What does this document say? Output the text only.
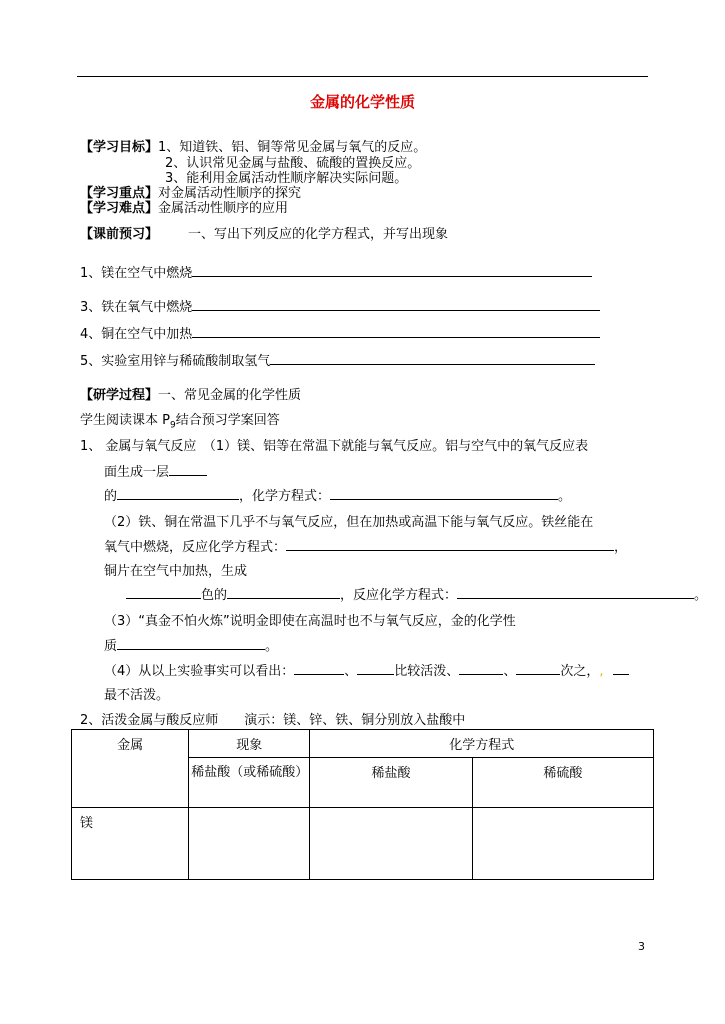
金属的化学性质
【学习目标】1、知道铁、铝、铜等常见金属与氧气的反应。
2、认识常见金属与盐酸、硫酸的置换反应。
3、能利用金属活动性顺序解决实际问题。
【学习重点】对金属活动性顺序的探究
【学习难点】金属活动性顺序的应用
【课前预习】 一、写出下列反应的化学方程式，并写出现象
1、镁在空气中燃烧
3、铁在氧气中燃烧
4、铜在空气中加热
5、实验室用锌与稀硫酸制取氢气
【研学过程】一、常见金属的化学性质
学生阅读课本 $P_9$结合预习学案回答
1、 金属与氧气反应　（1）镁、铝等在常温下就能与氧气反应。铝与空气中的氧气反应表
面生成一层
的	，化学方程式：	。
（2）铁、铜在常温下几乎不与氧气反应，但在加热或高温下能与氧气反应。铁丝能在
氧气中燃烧，反应化学方程式：	，
铜片在空气中加热，生成
色的	，反应化学方程式：	。
（3）“真金不怕火炼”说明金即使在高温时也不与氧气反应，金的化学性
质	。
（4）从以上实验事实可以看出：	、	比较活泼、	、	次之，,
最不活泼。
2、活泼金属与酸反应师　　演示：镁、锌、铁、铜分别放入盐酸中
金属	现象	化学方程式	
	稀盐酸（或稀硫酸）	稀盐酸	稀硫酸
镁			
3
